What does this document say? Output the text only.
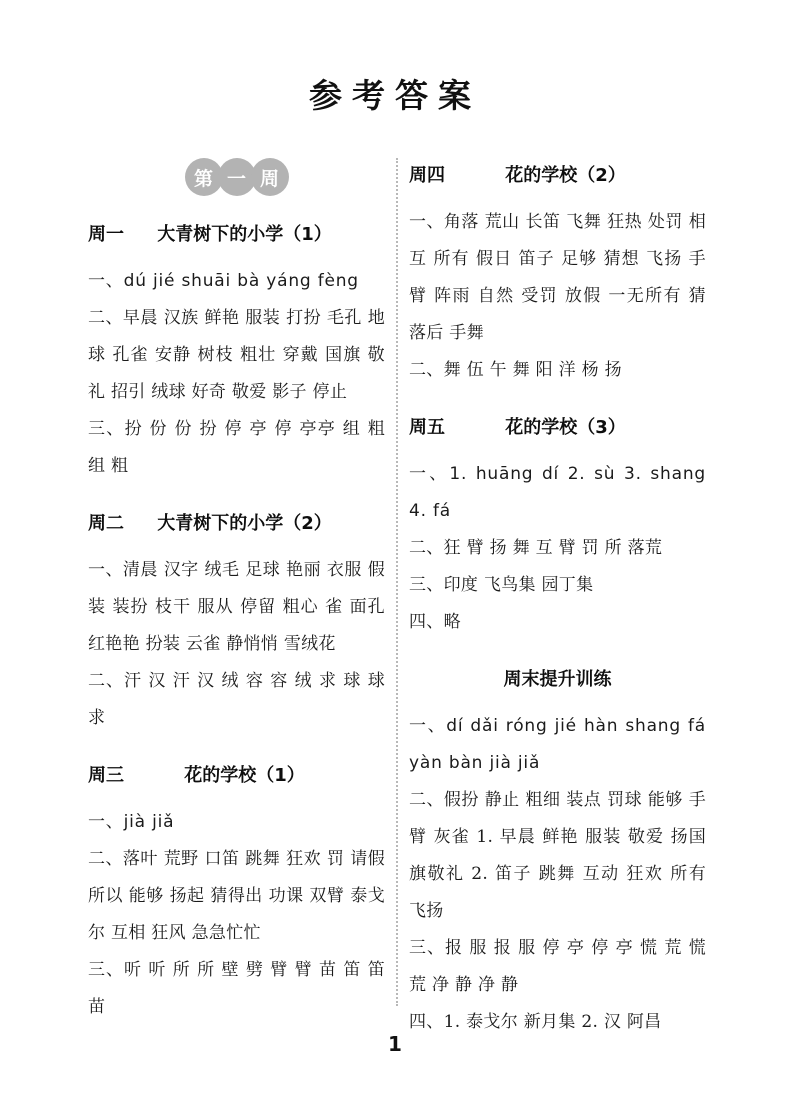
参考答案
第 一 周
周一	大青树下的小学（1）

一、dú jié shuāi bà yáng fèng

二、早晨 汉族 鲜艳 服装 打扮 毛孔 地球 孔雀 安静 树枝 粗壮 穿戴 国旗 敬礼 招引 绒球 好奇 敬爱 影子 停止

三、扮 份 份 扮 停 亭 停 亭亭 组 粗 组 粗

周二	大青树下的小学（2）

一、清晨 汉字 绒毛 足球 艳丽 衣服 假装 装扮 枝干 服从 停留 粗心 雀 面孔 红艳艳 扮装 云雀 静悄悄 雪绒花

二、汗 汉 汗 汉 绒 容 容 绒 求 球 球 求

周三	花的学校（1）

一、jià jiǎ

二、落叶 荒野 口笛 跳舞 狂欢 罚 请假 所以 能够 扬起 猜得出 功课 双臂 泰戈尔 互相 狂风 急急忙忙

三、听 听 所 所 壁 劈 臂 臂 苗 笛 笛 苗

周四	花的学校（2）

一、角落 荒山 长笛 飞舞 狂热 处罚 相互 所有 假日 笛子 足够 猜想 飞扬 手臂 阵雨 自然 受罚 放假 一无所有 猜 落后 手舞

二、舞 伍 午 舞 阳 洋 杨 扬

周五	花的学校（3）

一、1. huāng dí 2. sù 3. shang 4. fá

二、狂 臂 扬 舞 互 臂 罚 所 落荒

三、印度 飞鸟集 园丁集

四、略

周末提升训练

一、dí dǎi róng jié hàn shang fá yàn bàn jià jiǎ

二、假扮 静止 粗细 装点 罚球 能够 手臂 灰雀 1. 早晨 鲜艳 服装 敬爱 扬国旗敬礼 2. 笛子 跳舞 互动 狂欢 所有 飞扬

三、报 服 报 服 停 亭 停 亭 慌 荒 慌 荒 净 静 净 静

四、1. 泰戈尔 新月集 2. 汉 阿昌

1
